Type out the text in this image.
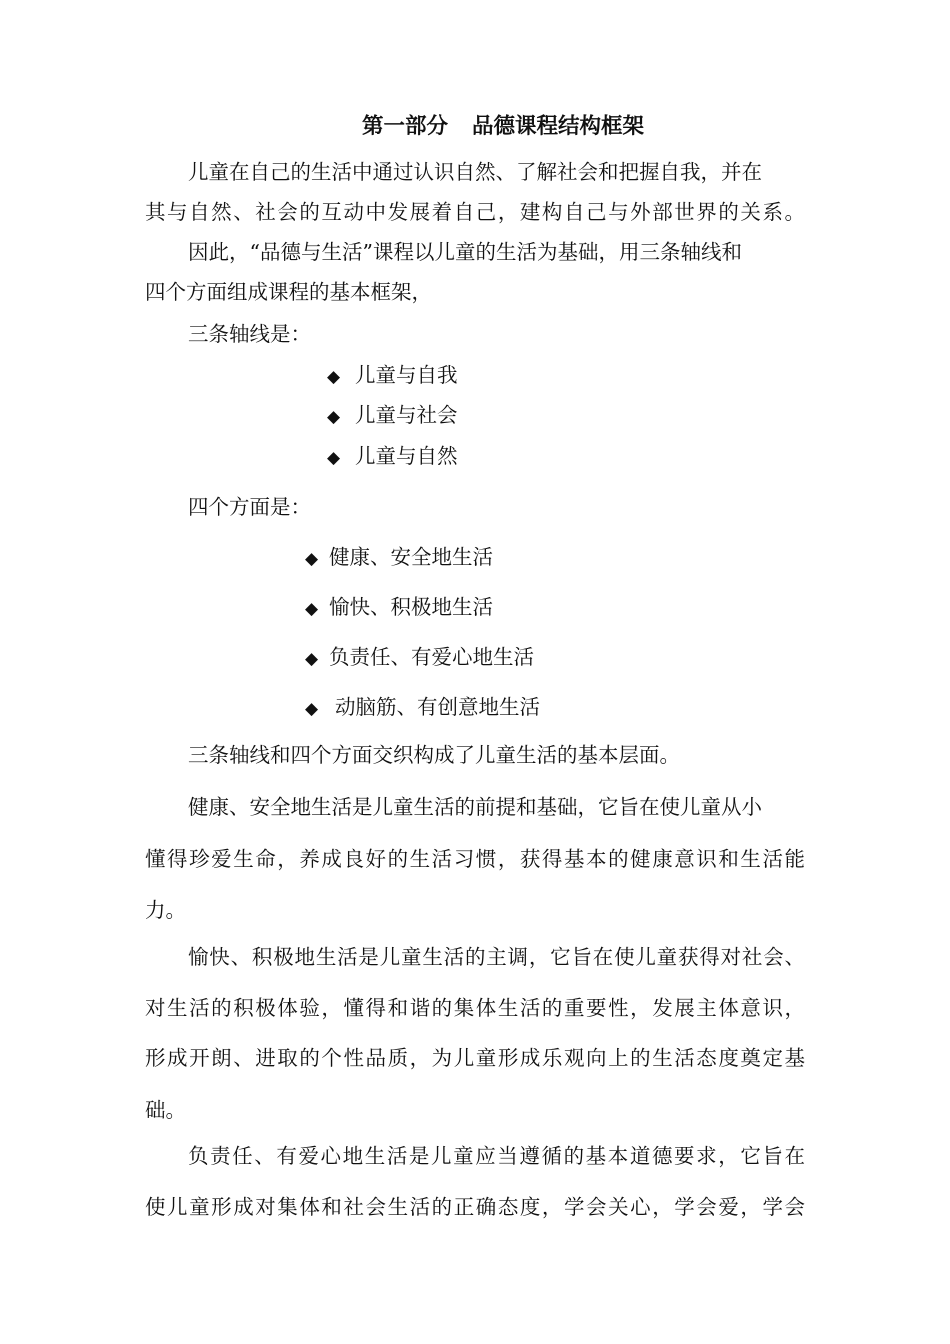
第一部分 品德课程结构框架

儿童在自己的生活中通过认识自然、了解社会和把握自我，并在

其与自然、社会的互动中发展着自己，建构自己与外部世界的关系。

因此，“品德与生活”课程以儿童的生活为基础，用三条轴线和

四个方面组成课程的基本框架，

三条轴线是：

◆ 儿童与自我
◆ 儿童与社会
◆ 儿童与自然

四个方面是：

◆ 健康、安全地生活
◆ 愉快、积极地生活
◆ 负责任、有爱心地生活
◆ 动脑筋、有创意地生活

三条轴线和四个方面交织构成了儿童生活的基本层面。

健康、安全地生活是儿童生活的前提和基础，它旨在使儿童从小

懂得珍爱生命，养成良好的生活习惯，获得基本的健康意识和生活能

力。

愉快、积极地生活是儿童生活的主调，它旨在使儿童获得对社会、

对生活的积极体验，懂得和谐的集体生活的重要性，发展主体意识，

形成开朗、进取的个性品质，为儿童形成乐观向上的生活态度奠定基

础。

负责任、有爱心地生活是儿童应当遵循的基本道德要求，它旨在

使儿童形成对集体和社会生活的正确态度，学会关心，学会爱，学会
